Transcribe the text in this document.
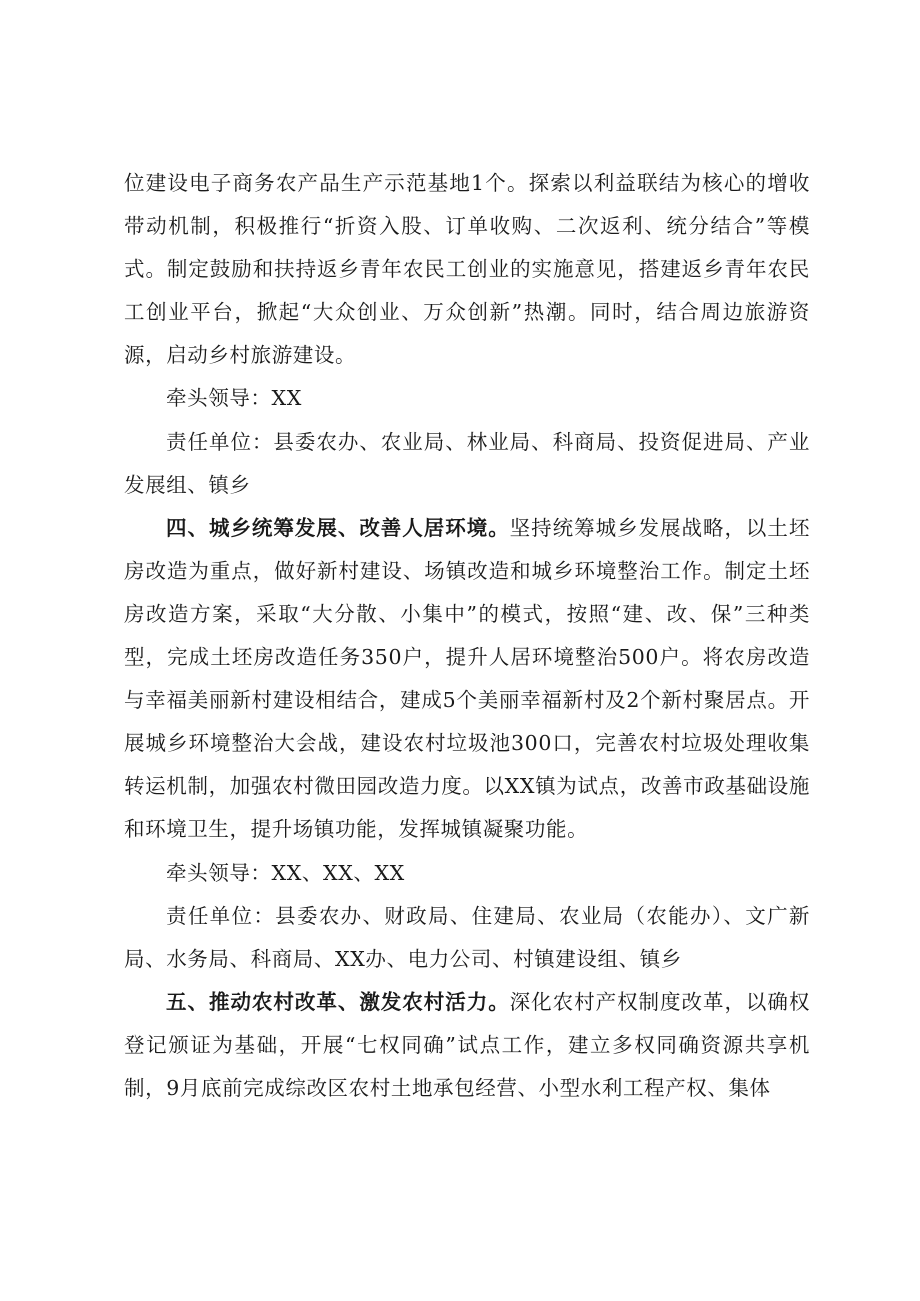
位建设电子商务农产品生产示范基地1个。探索以利益联结为核心的增收带动机制，积极推行“折资入股、订单收购、二次返利、统分结合”等模式。制定鼓励和扶持返乡青年农民工创业的实施意见，搭建返乡青年农民工创业平台，掀起“大众创业、万众创新”热潮。同时，结合周边旅游资源，启动乡村旅游建设。

牵头领导：XX

责任单位：县委农办、农业局、林业局、科商局、投资促进局、产业发展组、镇乡

四、城乡统筹发展、改善人居环境。坚持统筹城乡发展战略，以土坯房改造为重点，做好新村建设、场镇改造和城乡环境整治工作。制定土坯房改造方案，采取“大分散、小集中”的模式，按照“建、改、保”三种类型，完成土坯房改造任务350户，提升人居环境整治500户。将农房改造与幸福美丽新村建设相结合，建成5个美丽幸福新村及2个新村聚居点。开展城乡环境整治大会战，建设农村垃圾池300口，完善农村垃圾处理收集转运机制，加强农村微田园改造力度。以XX镇为试点，改善市政基础设施和环境卫生，提升场镇功能，发挥城镇凝聚功能。

牵头领导：XX、XX、XX

责任单位：县委农办、财政局、住建局、农业局（农能办）、文广新局、水务局、科商局、XX办、电力公司、村镇建设组、镇乡

五、推动农村改革、激发农村活力。深化农村产权制度改革，以确权登记颁证为基础，开展“七权同确”试点工作，建立多权同确资源共享机制，9月底前完成综改区农村土地承包经营、小型水利工程产权、集体
